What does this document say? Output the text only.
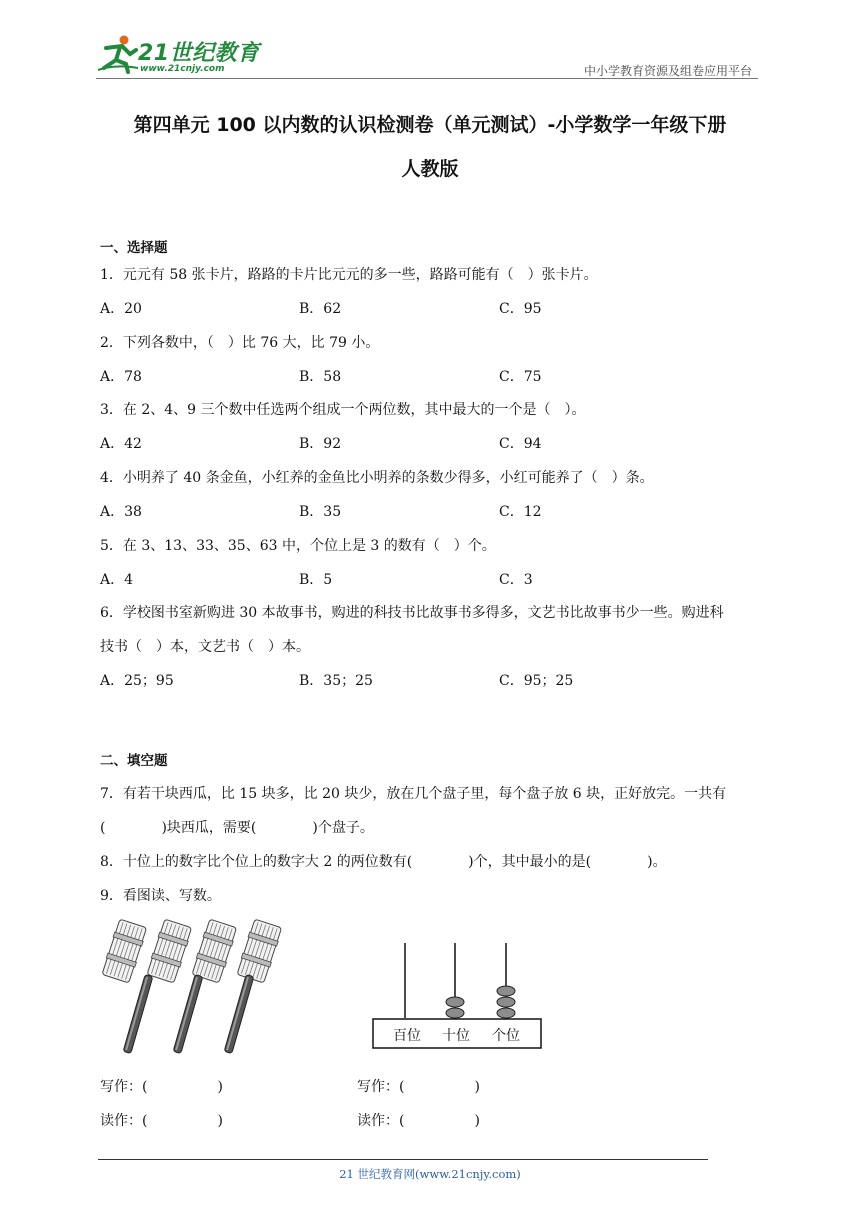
21世纪教育
www.21cnjy.com	中小学教育资源及组卷应用平台
第四单元 100 以内数的认识检测卷（单元测试）-小学数学一年级下册
人教版
一、选择题
1．元元有 58 张卡片，路路的卡片比元元的多一些，路路可能有（　）张卡片。
A．20	B．62	C．95
2．下列各数中，（　）比 76 大，比 79 小。
A．78	B．58	C．75
3．在 2、4、9 三个数中任选两个组成一个两位数，其中最大的一个是（　）。
A．42	B．92	C．94
4．小明养了 40 条金鱼，小红养的金鱼比小明养的条数少得多，小红可能养了（　）条。
A．38	B．35	C．12
5．在 3、13、33、35、63 中，个位上是 3 的数有（　）个。
A．4	B．5	C．3
6．学校图书室新购进 30 本故事书，购进的科技书比故事书多得多，文艺书比故事书少一些。购进科
技书（　）本，文艺书（　）本。
A．25；95	B．35；25	C．95；25
二、填空题
7．有若干块西瓜，比 15 块多，比 20 块少，放在几个盘子里，每个盘子放 6 块，正好放完。一共有
(　　　　)块西瓜，需要(　　　　)个盘子。
8．十位上的数字比个位上的数字大 2 的两位数有(　　　　)个，其中最小的是(　　　　)。
9．看图读、写数。
百位 十位 个位
写作：(　　　　　)
读作：(　　　　　)
写作：(　　　　　)
读作：(　　　　　)
21 世纪教育网(www.21cnjy.com)
